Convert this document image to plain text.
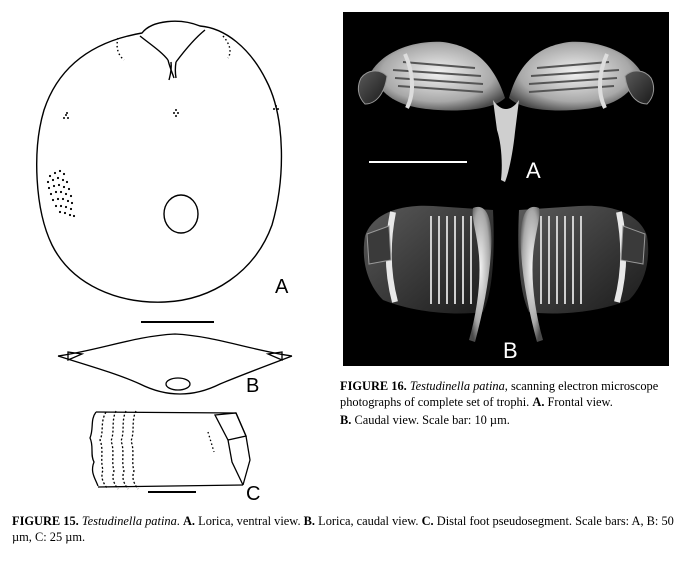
A
B
C
A
B
FIGURE 16. Testudinella patina, scanning electron microscope photographs of complete set of trophi. A. Frontal view.
B. Caudal view. Scale bar: 10 µm.
FIGURE 15. Testudinella patina. A. Lorica, ventral view. B. Lorica, caudal view. C. Distal foot pseudosegment. Scale bars: A, B: 50 µm, C: 25 µm.
